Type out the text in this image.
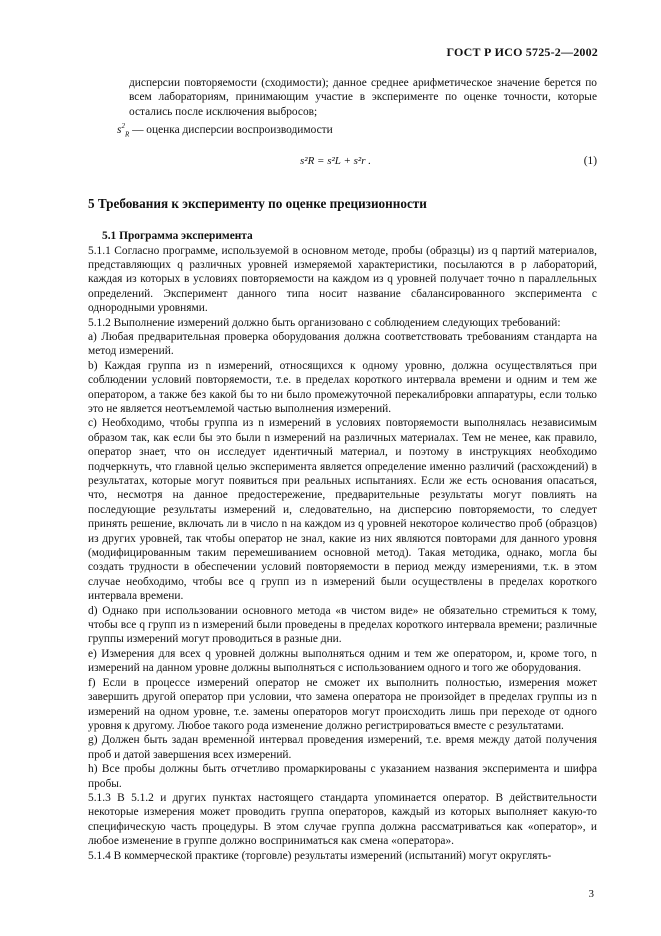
ГОСТ Р ИСО 5725-2—2002

дисперсии повторяемости (сходимости); данное среднее арифметическое значение берется по всем лабораториям, принимающим участие в эксперименте по оценке точности, которые остались после исключения выбросов;

$s^2_R$ — оценка дисперсии воспроизводимости

s²R = s²L + s²r .	(1)
5 Требования к эксперименту по оценке прецизионности

5.1 Программа эксперимента

5.1.1 Согласно программе, используемой в основном методе, пробы (образцы) из q партий материалов, представляющих q различных уровней измеряемой характеристики, посылаются в p лабораторий, каждая из которых в условиях повторяемости на каждом из q уровней получает точно n параллельных определений. Эксперимент данного типа носит название сбалансированного эксперимента с однородными уровнями.

5.1.2 Выполнение измерений должно быть организовано с соблюдением следующих требований:

a) Любая предварительная проверка оборудования должна соответствовать требованиям стандарта на метод измерений.

b) Каждая группа из n измерений, относящихся к одному уровню, должна осуществляться при соблюдении условий повторяемости, т.е. в пределах короткого интервала времени и одним и тем же оператором, а также без какой бы то ни было промежуточной перекалибровки аппаратуры, если только это не является неотъемлемой частью выполнения измерений.

c) Необходимо, чтобы группа из n измерений в условиях повторяемости выполнялась независимым образом так, как если бы это были n измерений на различных материалах. Тем не менее, как правило, оператор знает, что он исследует идентичный материал, и поэтому в инструкциях необходимо подчеркнуть, что главной целью эксперимента является определение именно различий (расхождений) в результатах, которые могут появиться при реальных испытаниях. Если же есть основания опасаться, что, несмотря на данное предостережение, предварительные результаты могут повлиять на последующие результаты измерений и, следовательно, на дисперсию повторяемости, то следует принять решение, включать ли в число n на каждом из q уровней некоторое количество проб (образцов) из других уровней, так чтобы оператор не знал, какие из них являются повторами для данного уровня (модифицированным таким перемешиванием основной метод). Такая методика, однако, могла бы создать трудности в обеспечении условий повторяемости в период между измерениями, т.к. в этом случае необходимо, чтобы все q групп из n измерений были осуществлены в пределах короткого интервала времени.

d) Однако при использовании основного метода «в чистом виде» не обязательно стремиться к тому, чтобы все q групп из n измерений были проведены в пределах короткого интервала времени; различные группы измерений могут проводиться в разные дни.

e) Измерения для всех q уровней должны выполняться одним и тем же оператором, и, кроме того, n измерений на данном уровне должны выполняться с использованием одного и того же оборудования.

f) Если в процессе измерений оператор не сможет их выполнить полностью, измерения может завершить другой оператор при условии, что замена оператора не произойдет в пределах группы из n измерений на одном уровне, т.е. замены операторов могут происходить лишь при переходе от одного уровня к другому. Любое такого рода изменение должно регистрироваться вместе с результатами.

g) Должен быть задан временно́й интервал проведения измерений, т.е. время между датой получения проб и датой завершения всех измерений.

h) Все пробы должны быть отчетливо промаркированы с указанием названия эксперимента и шифра пробы.

5.1.3 В 5.1.2 и других пунктах настоящего стандарта упоминается оператор. В действительности некоторые измерения может проводить группа операторов, каждый из которых выполняет какую-то специфическую часть процедуры. В этом случае группа должна рассматриваться как «оператор», и любое изменение в группе должно восприниматься как смена «оператора».

5.1.4 В коммерческой практике (торговле) результаты измерений (испытаний) могут округлять-

3
